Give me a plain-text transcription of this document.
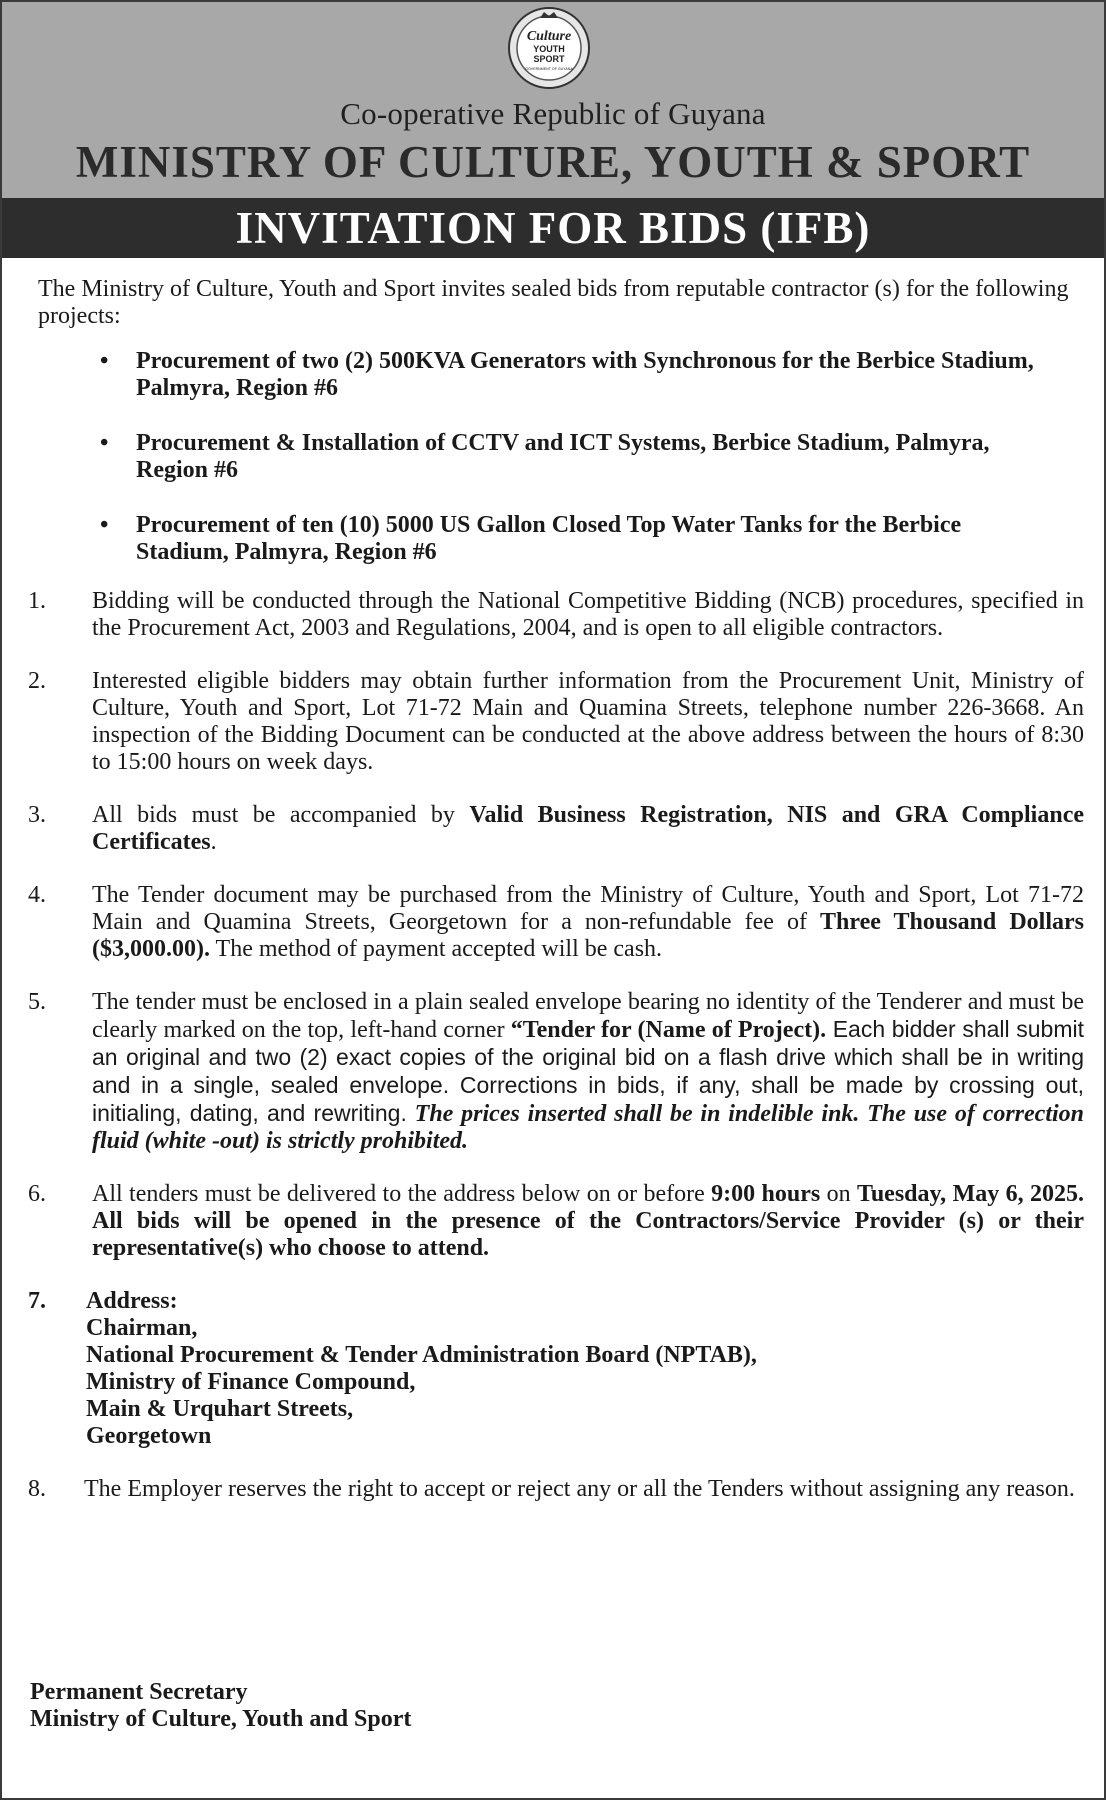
Culture
YOUTH
SPORT
GOVERNMENT OF GUYANA
Co-operative Republic of Guyana
MINISTRY OF CULTURE, YOUTH & SPORT
INVITATION FOR BIDS (IFB)

The Ministry of Culture, Youth and Sport invites sealed bids from reputable contractor (s) for the following projects:

• Procurement of two (2) 500KVA Generators with Synchronous for the Berbice Stadium, Palmyra, Region #6
• Procurement & Installation of CCTV and ICT Systems, Berbice Stadium, Palmyra, Region #6
• Procurement of ten (10) 5000 US Gallon Closed Top Water Tanks for the Berbice Stadium, Palmyra, Region #6
1. Bidding will be conducted through the National Competitive Bidding (NCB) procedures, specified in the Procurement Act, 2003 and Regulations, 2004, and is open to all eligible contractors.
2. Interested eligible bidders may obtain further information from the Procurement Unit, Ministry of Culture, Youth and Sport, Lot 71-72 Main and Quamina Streets, telephone number 226-3668. An inspection of the Bidding Document can be conducted at the above address between the hours of 8:30 to 15:00 hours on week days.
3. All bids must be accompanied by Valid Business Registration, NIS and GRA Compliance Certificates.
4. The Tender document may be purchased from the Ministry of Culture, Youth and Sport, Lot 71-72 Main and Quamina Streets, Georgetown for a non-refundable fee of Three Thousand Dollars ($3,000.00). The method of payment accepted will be cash.
5. The tender must be enclosed in a plain sealed envelope bearing no identity of the Tenderer and must be clearly marked on the top, left-hand corner “Tender for (Name of Project). Each bidder shall submit an original and two (2) exact copies of the original bid on a flash drive which shall be in writing and in a single, sealed envelope. Corrections in bids, if any, shall be made by crossing out, initialing, dating, and rewriting. The prices inserted shall be in indelible ink. The use of correction fluid (white -out) is strictly prohibited.
6. All tenders must be delivered to the address below on or before 9:00 hours on Tuesday, May 6, 2025. All bids will be opened in the presence of the Contractors/Service Provider (s) or their representative(s) who choose to attend.
7. Address:
Chairman,
National Procurement & Tender Administration Board (NPTAB),
Ministry of Finance Compound,
Main & Urquhart Streets,
Georgetown
8. The Employer reserves the right to accept or reject any or all the Tenders without assigning any reason.
Permanent Secretary
Ministry of Culture, Youth and Sport
